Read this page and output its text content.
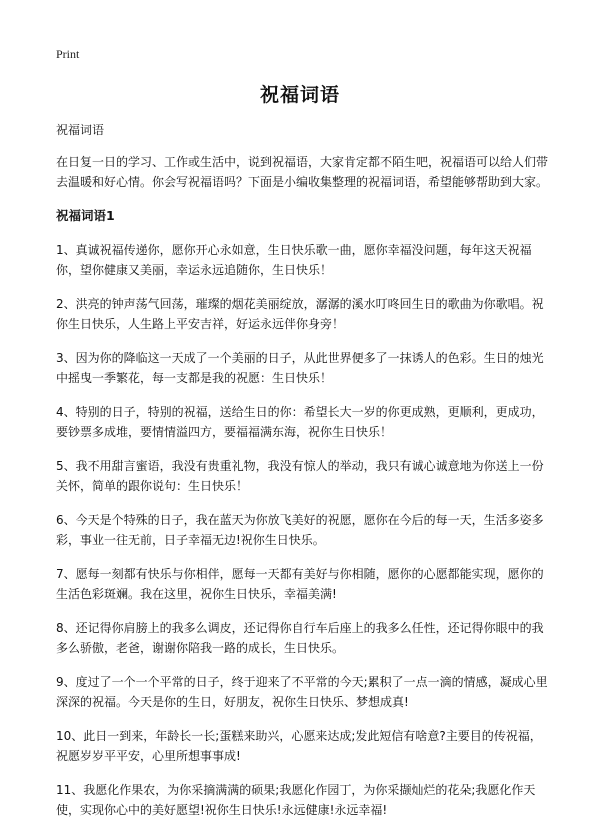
Print
祝福词语

祝福词语

在日复一日的学习、工作或生活中，说到祝福语，大家肯定都不陌生吧，祝福语可以给人们带去温暖和好心情。你会写祝福语吗？下面是小编收集整理的祝福词语，希望能够帮助到大家。

祝福词语1

1、真诚祝福传递你，愿你开心永如意，生日快乐歌一曲，愿你幸福没问题，每年这天祝福你，望你健康又美丽，幸运永远追随你，生日快乐！

2、洪亮的钟声荡气回荡，璀璨的烟花美丽绽放，潺潺的溪水叮咚回生日的歌曲为你歌唱。祝你生日快乐，人生路上平安吉祥，好运永远伴你身旁！

3、因为你的降临这一天成了一个美丽的日子，从此世界便多了一抹诱人的色彩。生日的烛光中摇曳一季繁花，每一支都是我的祝愿：生日快乐！

4、特别的日子，特别的祝福，送给生日的你：希望长大一岁的你更成熟，更顺利，更成功，要钞票多成堆，要情情溢四方，要福福满东海，祝你生日快乐！

5、我不用甜言蜜语，我没有贵重礼物，我没有惊人的举动，我只有诚心诚意地为你送上一份关怀，简单的跟你说句：生日快乐！

6、今天是个特殊的日子，我在蓝天为你放飞美好的祝愿，愿你在今后的每一天，生活多姿多彩，事业一往无前，日子幸福无边!祝你生日快乐。

7、愿每一刻都有快乐与你相伴，愿每一天都有美好与你相随，愿你的心愿都能实现，愿你的生活色彩斑斓。我在这里，祝你生日快乐，幸福美满!

8、还记得你肩膀上的我多么调皮，还记得你自行车后座上的我多么任性，还记得你眼中的我多么骄傲，老爸，谢谢你陪我一路的成长，生日快乐。

9、度过了一个一个平常的日子，终于迎来了不平常的今天;累积了一点一滴的情感，凝成心里深深的祝福。今天是你的生日，好朋友，祝你生日快乐、梦想成真!

10、此日一到来，年龄长一长;蛋糕来助兴，心愿来达成;发此短信有啥意?主要目的传祝福，祝愿岁岁平平安，心里所想事事成!

11、我愿化作果农，为你采摘满满的硕果;我愿化作园丁，为你采撷灿烂的花朵;我愿化作天使，实现你心中的美好愿望!祝你生日快乐!永远健康!永远幸福!
